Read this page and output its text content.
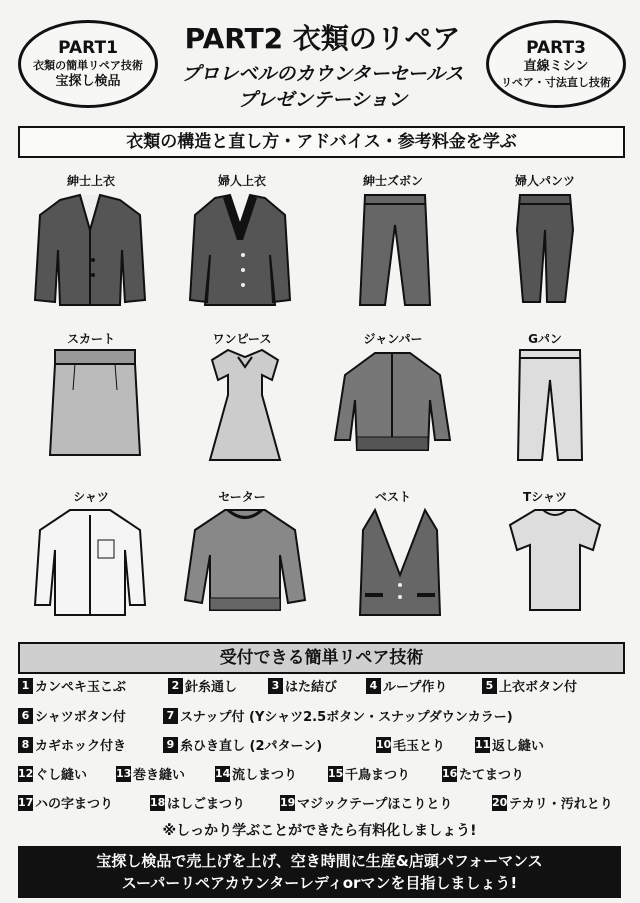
PART1
衣類の簡単リペア技術
宝探し検品
PART3
直線ミシン
リペア・寸法直し技術
PART2 衣類のリペア
プロレベルのカウンターセールス
プレゼンテーション
衣類の構造と直し方・アドバイス・参考料金を学ぶ
紳士上衣	婦人上衣	紳士ズボン	婦人パンツ
スカート	ワンピース	ジャンパー	Gパン
シャツ	セーター	ベスト	Tシャツ
受付できる簡単リペア技術
1 カンペキ玉こぶ	2 針糸通し	3 はた結び	4 ループ作り	5 上衣ボタン付
6 シャツボタン付	7 スナップ付 (Yシャツ2.5ボタン・スナップダウンカラー)
8 カギホック付き	9 糸ひき直し (2パターン)	10 毛玉とり	11 返し縫い
12 ぐし縫い	13 巻き縫い	14 流しまつり	15 千鳥まつり	16 たてまつり
17 ハの字まつり	18 はしごまつり	19 マジックテープほこりとり	20 テカリ・汚れとり
※しっかり学ぶことができたら有料化しましょう!
宝探し検品で売上げを上げ、空き時間に生産&店頭パフォーマンス
スーパーリペアカウンターレディorマンを目指しましょう!
